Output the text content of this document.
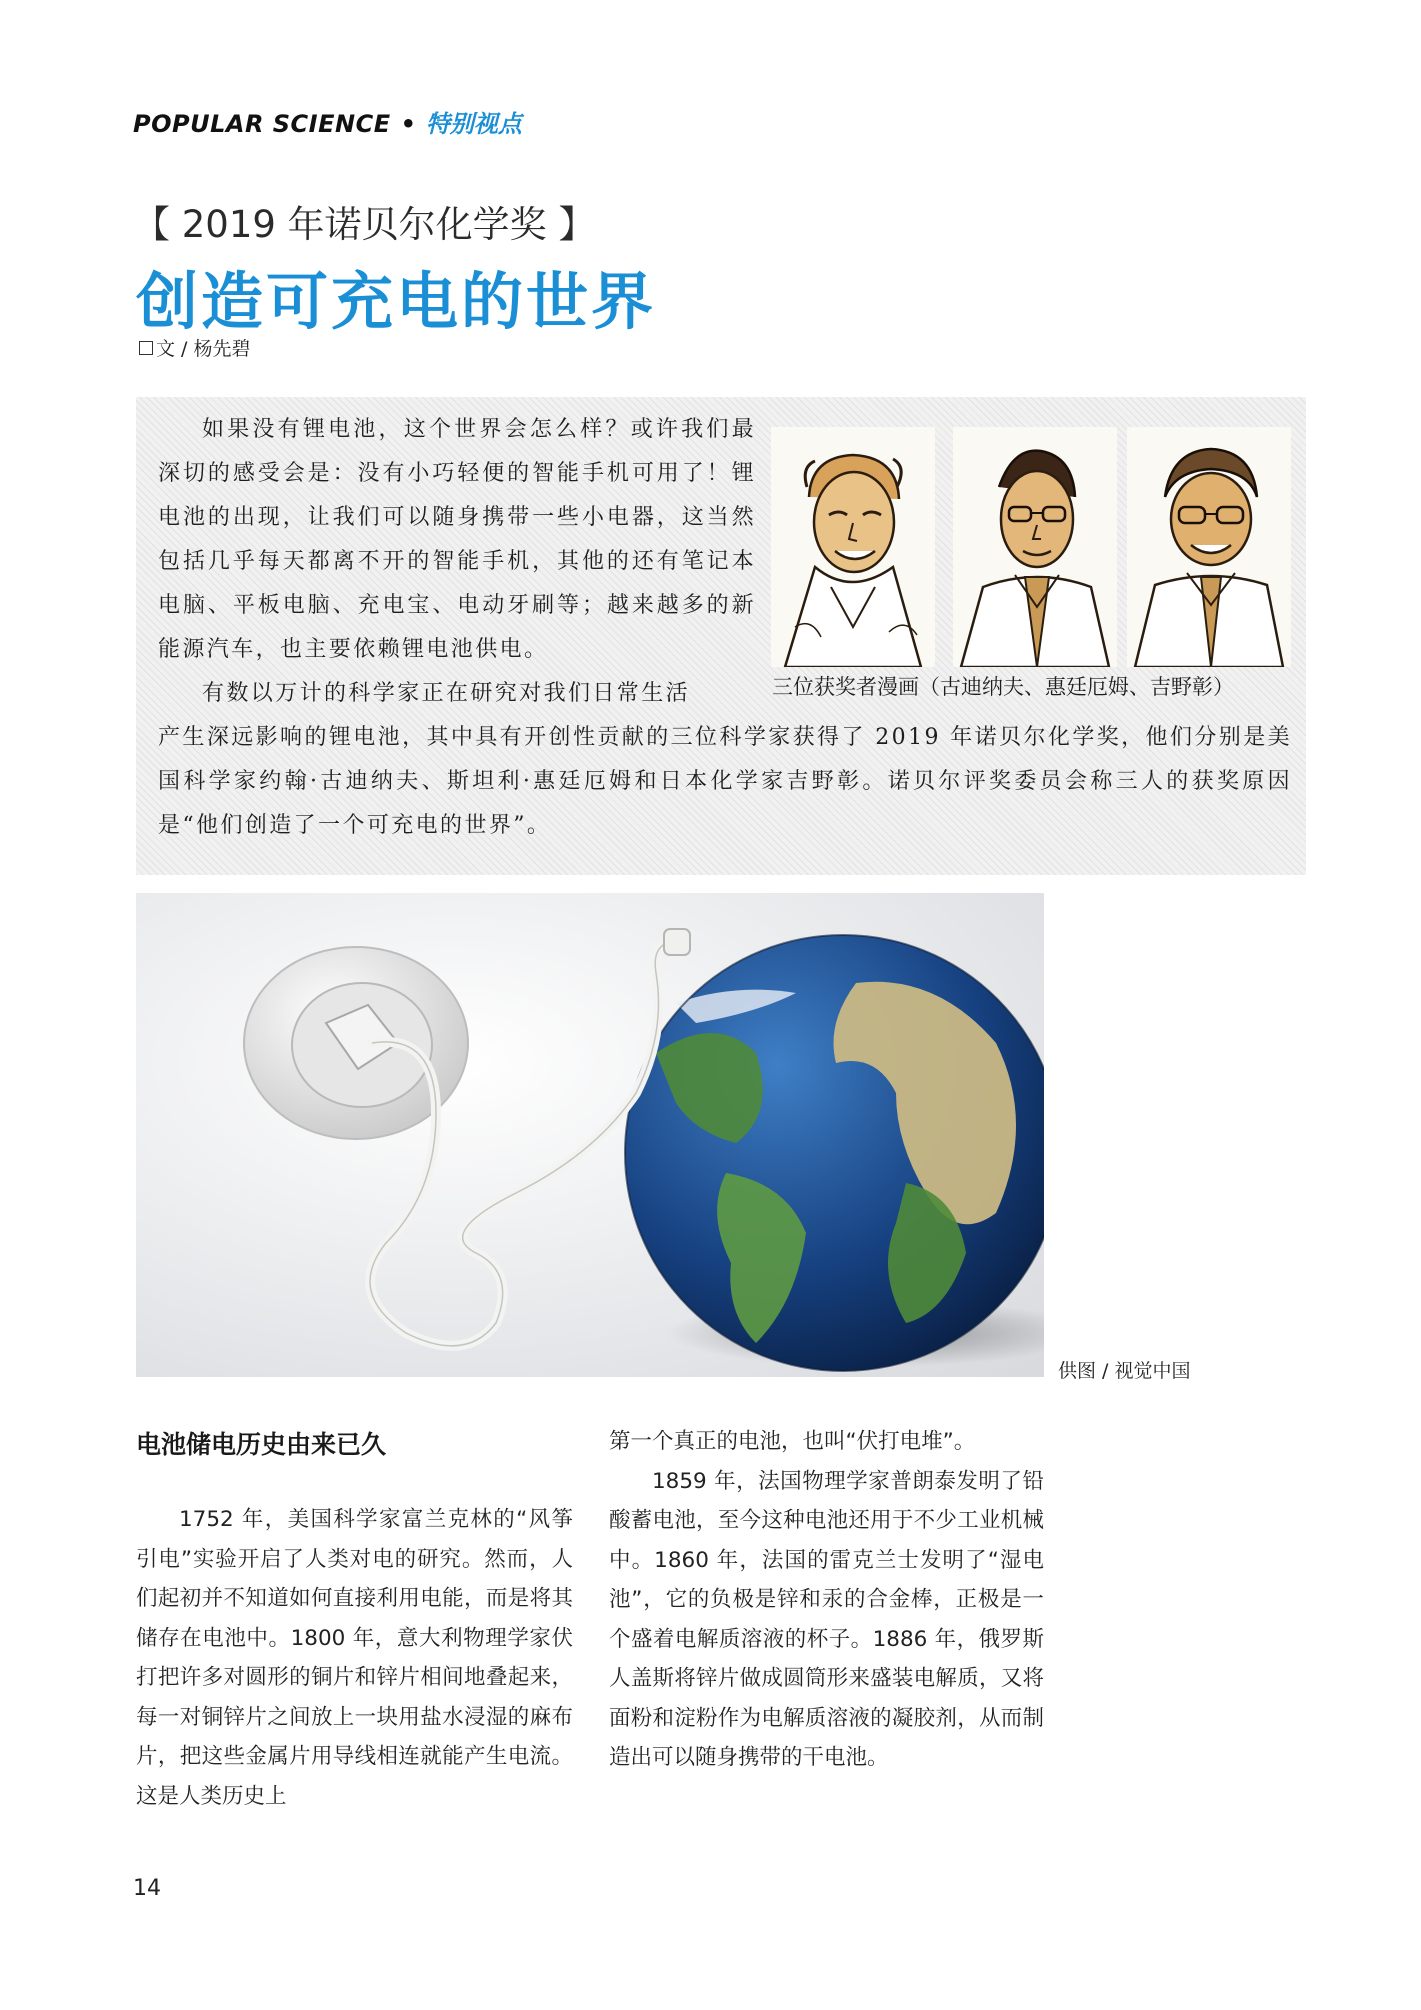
POPULAR SCIENCE • 特别视点
【 2019 年诺贝尔化学奖 】
创造可充电的世界
文 / 杨先碧

如果没有锂电池，这个世界会怎么样？或许我们最深切的感受会是：没有小巧轻便的智能手机可用了！锂电池的出现，让我们可以随身携带一些小电器，这当然包括几乎每天都离不开的智能手机，其他的还有笔记本电脑、平板电脑、充电宝、电动牙刷等；越来越多的新能源汽车，也主要依赖锂电池供电。

有数以万计的科学家正在研究对我们日常生活

产生深远影响的锂电池，其中具有开创性贡献的三位科学家获得了 2019 年诺贝尔化学奖，他们分别是美国科学家约翰·古迪纳夫、斯坦利·惠廷厄姆和日本化学家吉野彰。诺贝尔评奖委员会称三人的获奖原因是“他们创造了一个可充电的世界”。

三位获奖者漫画（古迪纳夫、惠廷厄姆、吉野彰）
供图 / 视觉中国
电池储电历史由来已久

1752 年，美国科学家富兰克林的“风筝引电”实验开启了人类对电的研究。然而，人们起初并不知道如何直接利用电能，而是将其储存在电池中。1800 年，意大利物理学家伏打把许多对圆形的铜片和锌片相间地叠起来，每一对铜锌片之间放上一块用盐水浸湿的麻布片，把这些金属片用导线相连就能产生电流。这是人类历史上

第一个真正的电池，也叫“伏打电堆”。

1859 年，法国物理学家普朗泰发明了铅酸蓄电池，至今这种电池还用于不少工业机械中。1860 年，法国的雷克兰士发明了“湿电池”，它的负极是锌和汞的合金棒，正极是一个盛着电解质溶液的杯子。1886 年，俄罗斯人盖斯将锌片做成圆筒形来盛装电解质，又将面粉和淀粉作为电解质溶液的凝胶剂，从而制造出可以随身携带的干电池。

14
